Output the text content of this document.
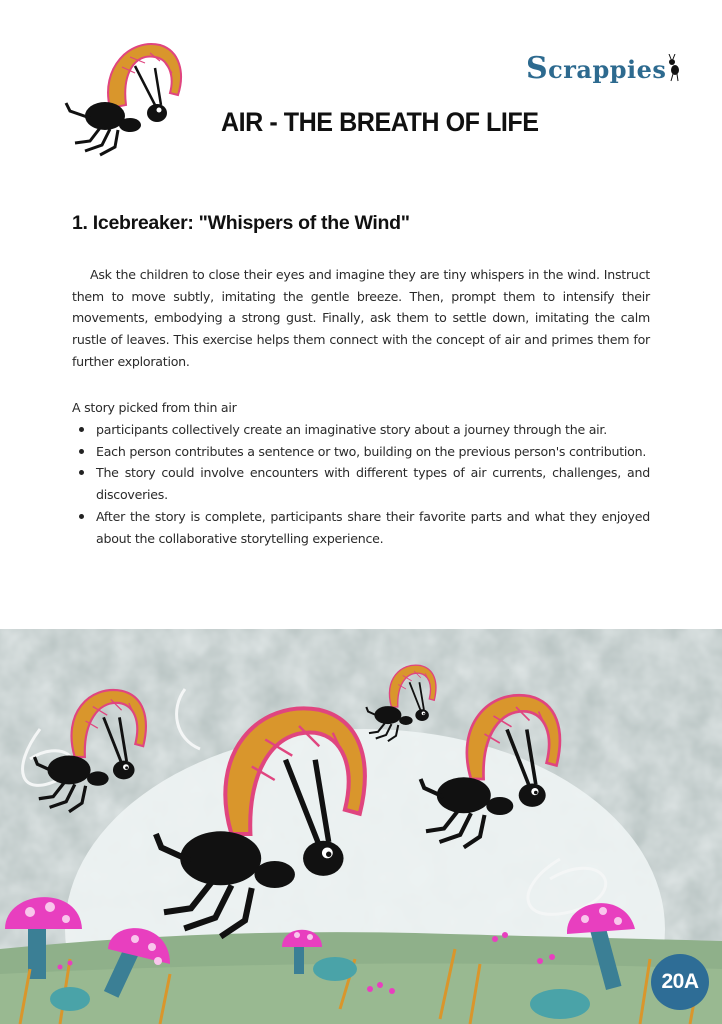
Scrappies
AIR - THE BREATH OF LIFE
1. Icebreaker: "Whispers of the Wind"

Ask the children to close their eyes and imagine they are tiny whispers in the wind. Instruct them to move subtly, imitating the gentle breeze. Then, prompt them to intensify their movements, embodying a strong gust. Finally, ask them to settle down, imitating the calm rustle of leaves. This exercise helps them connect with the concept of air and primes them for further exploration.

A story picked from thin air
participants collectively create an imaginative story about a journey through the air.
Each person contributes a sentence or two, building on the previous person's contribution.
The story could involve encounters with different types of air currents, challenges, and discoveries.
After the story is complete, participants share their favorite parts and what they enjoyed about the collaborative storytelling experience.
20A
